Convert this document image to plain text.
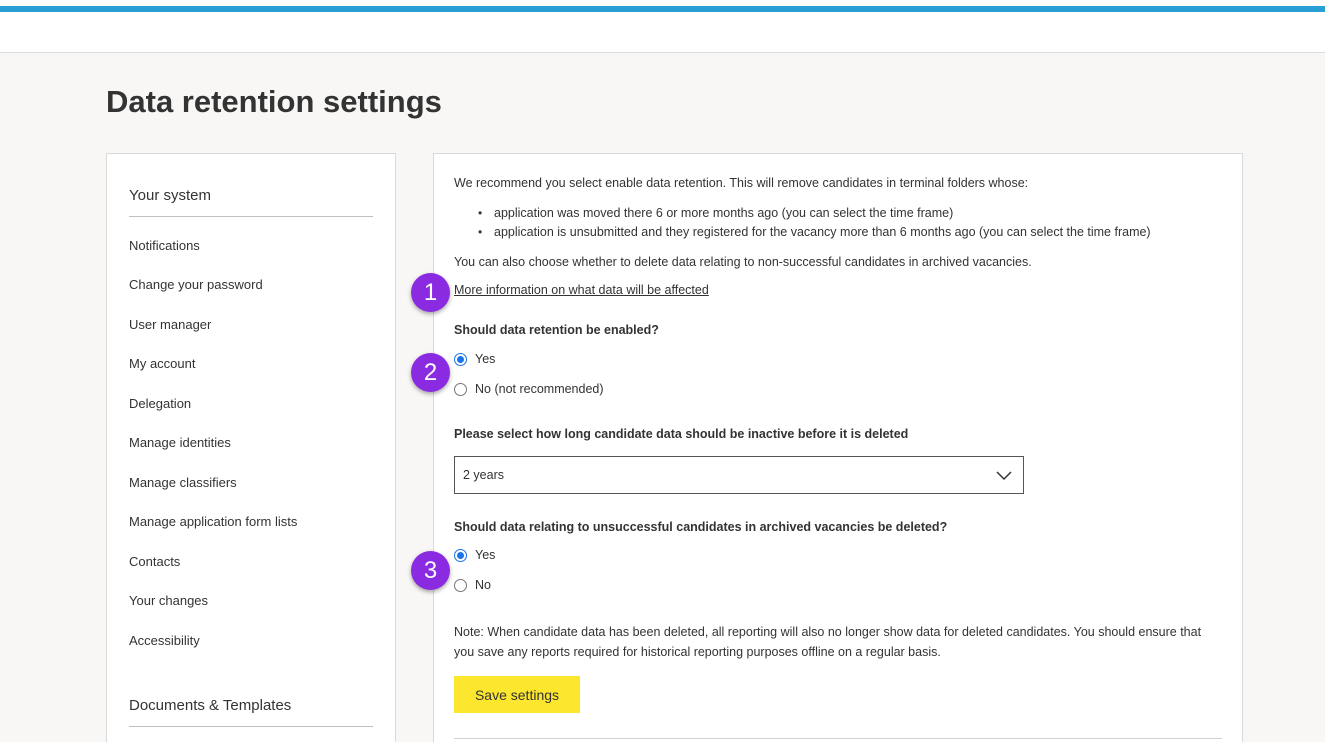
Data retention settings
Your system
Notifications
Change your password
User manager
My account
Delegation
Manage identities
Manage classifiers
Manage application form lists
Contacts
Your changes
Accessibility
Documents & Templates

We recommend you select enable data retention. This will remove candidates in terminal folders whose:

• application was moved there 6 or more months ago (you can select the time frame)
• application is unsubmitted and they registered for the vacancy more than 6 months ago (you can select the time frame)

You can also choose whether to delete data relating to non-successful candidates in archived vacancies.

More information on what data will be affected

Should data retention be enabled?

Yes
No (not recommended)

Please select how long candidate data should be inactive before it is deleted

2 years

Should data relating to unsuccessful candidates in archived vacancies be deleted?

Yes
No
Note: When candidate data has been deleted, all reporting will also no longer show data for deleted candidates. You should ensure that
you save any reports required for historical reporting purposes offline on a regular basis.
Save settings
1
2
3
